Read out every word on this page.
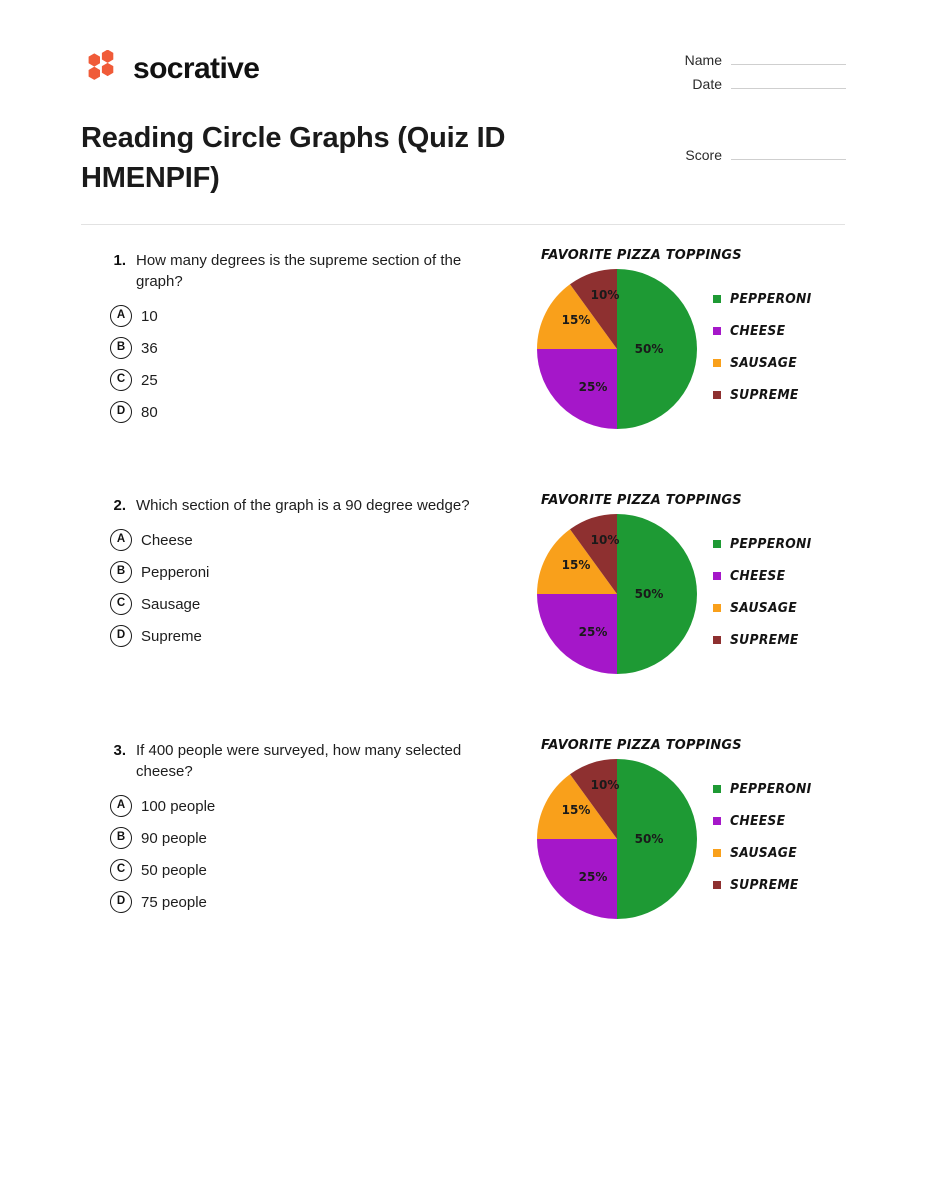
socrative	Name
Date
Score
Reading Circle Graphs (Quiz ID HMENPIF)
1. How many degrees is the supreme section of the graph?
A	10
B	36
C	25
D	80
FAVORITE PIZZA TOPPINGS
50%
25%
15%
10%	PEPPERONI
CHEESE
SAUSAGE
SUPREME
2. Which section of the graph is a 90 degree wedge?
A	Cheese
B	Pepperoni
C	Sausage
D	Supreme
FAVORITE PIZZA TOPPINGS
50%
25%
15%
10%	PEPPERONI
CHEESE
SAUSAGE
SUPREME
3. If 400 people were surveyed, how many selected cheese?
A	100 people
B	90 people
C	50 people
D	75 people
FAVORITE PIZZA TOPPINGS
50%
25%
15%
10%	PEPPERONI
CHEESE
SAUSAGE
SUPREME
